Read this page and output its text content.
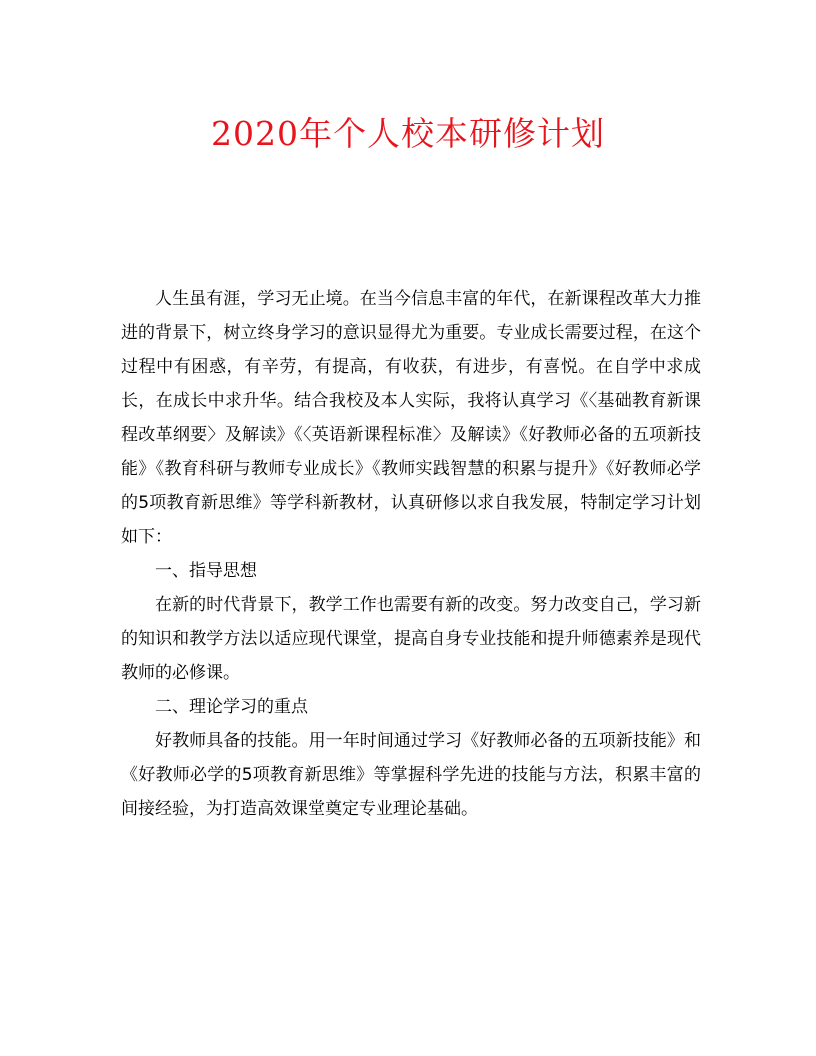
2020年个人校本研修计划

人生虽有涯，学习无止境。在当今信息丰富的年代，在新课程改革大力推进的背景下，树立终身学习的意识显得尤为重要。专业成长需要过程，在这个过程中有困惑，有辛劳，有提高，有收获，有进步，有喜悦。在自学中求成长，在成长中求升华。结合我校及本人实际，我将认真学习《〈基础教育新课程改革纲要〉及解读》《〈英语新课程标准〉及解读》《好教师必备的五项新技能》《教育科研与教师专业成长》《教师实践智慧的积累与提升》《好教师必学的5项教育新思维》等学科新教材，认真研修以求自我发展，特制定学习计划如下：

一、指导思想

在新的时代背景下，教学工作也需要有新的改变。努力改变自己，学习新的知识和教学方法以适应现代课堂，提高自身专业技能和提升师德素养是现代教师的必修课。

二、理论学习的重点

好教师具备的技能。用一年时间通过学习《好教师必备的五项新技能》和《好教师必学的5项教育新思维》等掌握科学先进的技能与方法，积累丰富的间接经验，为打造高效课堂奠定专业理论基础。
